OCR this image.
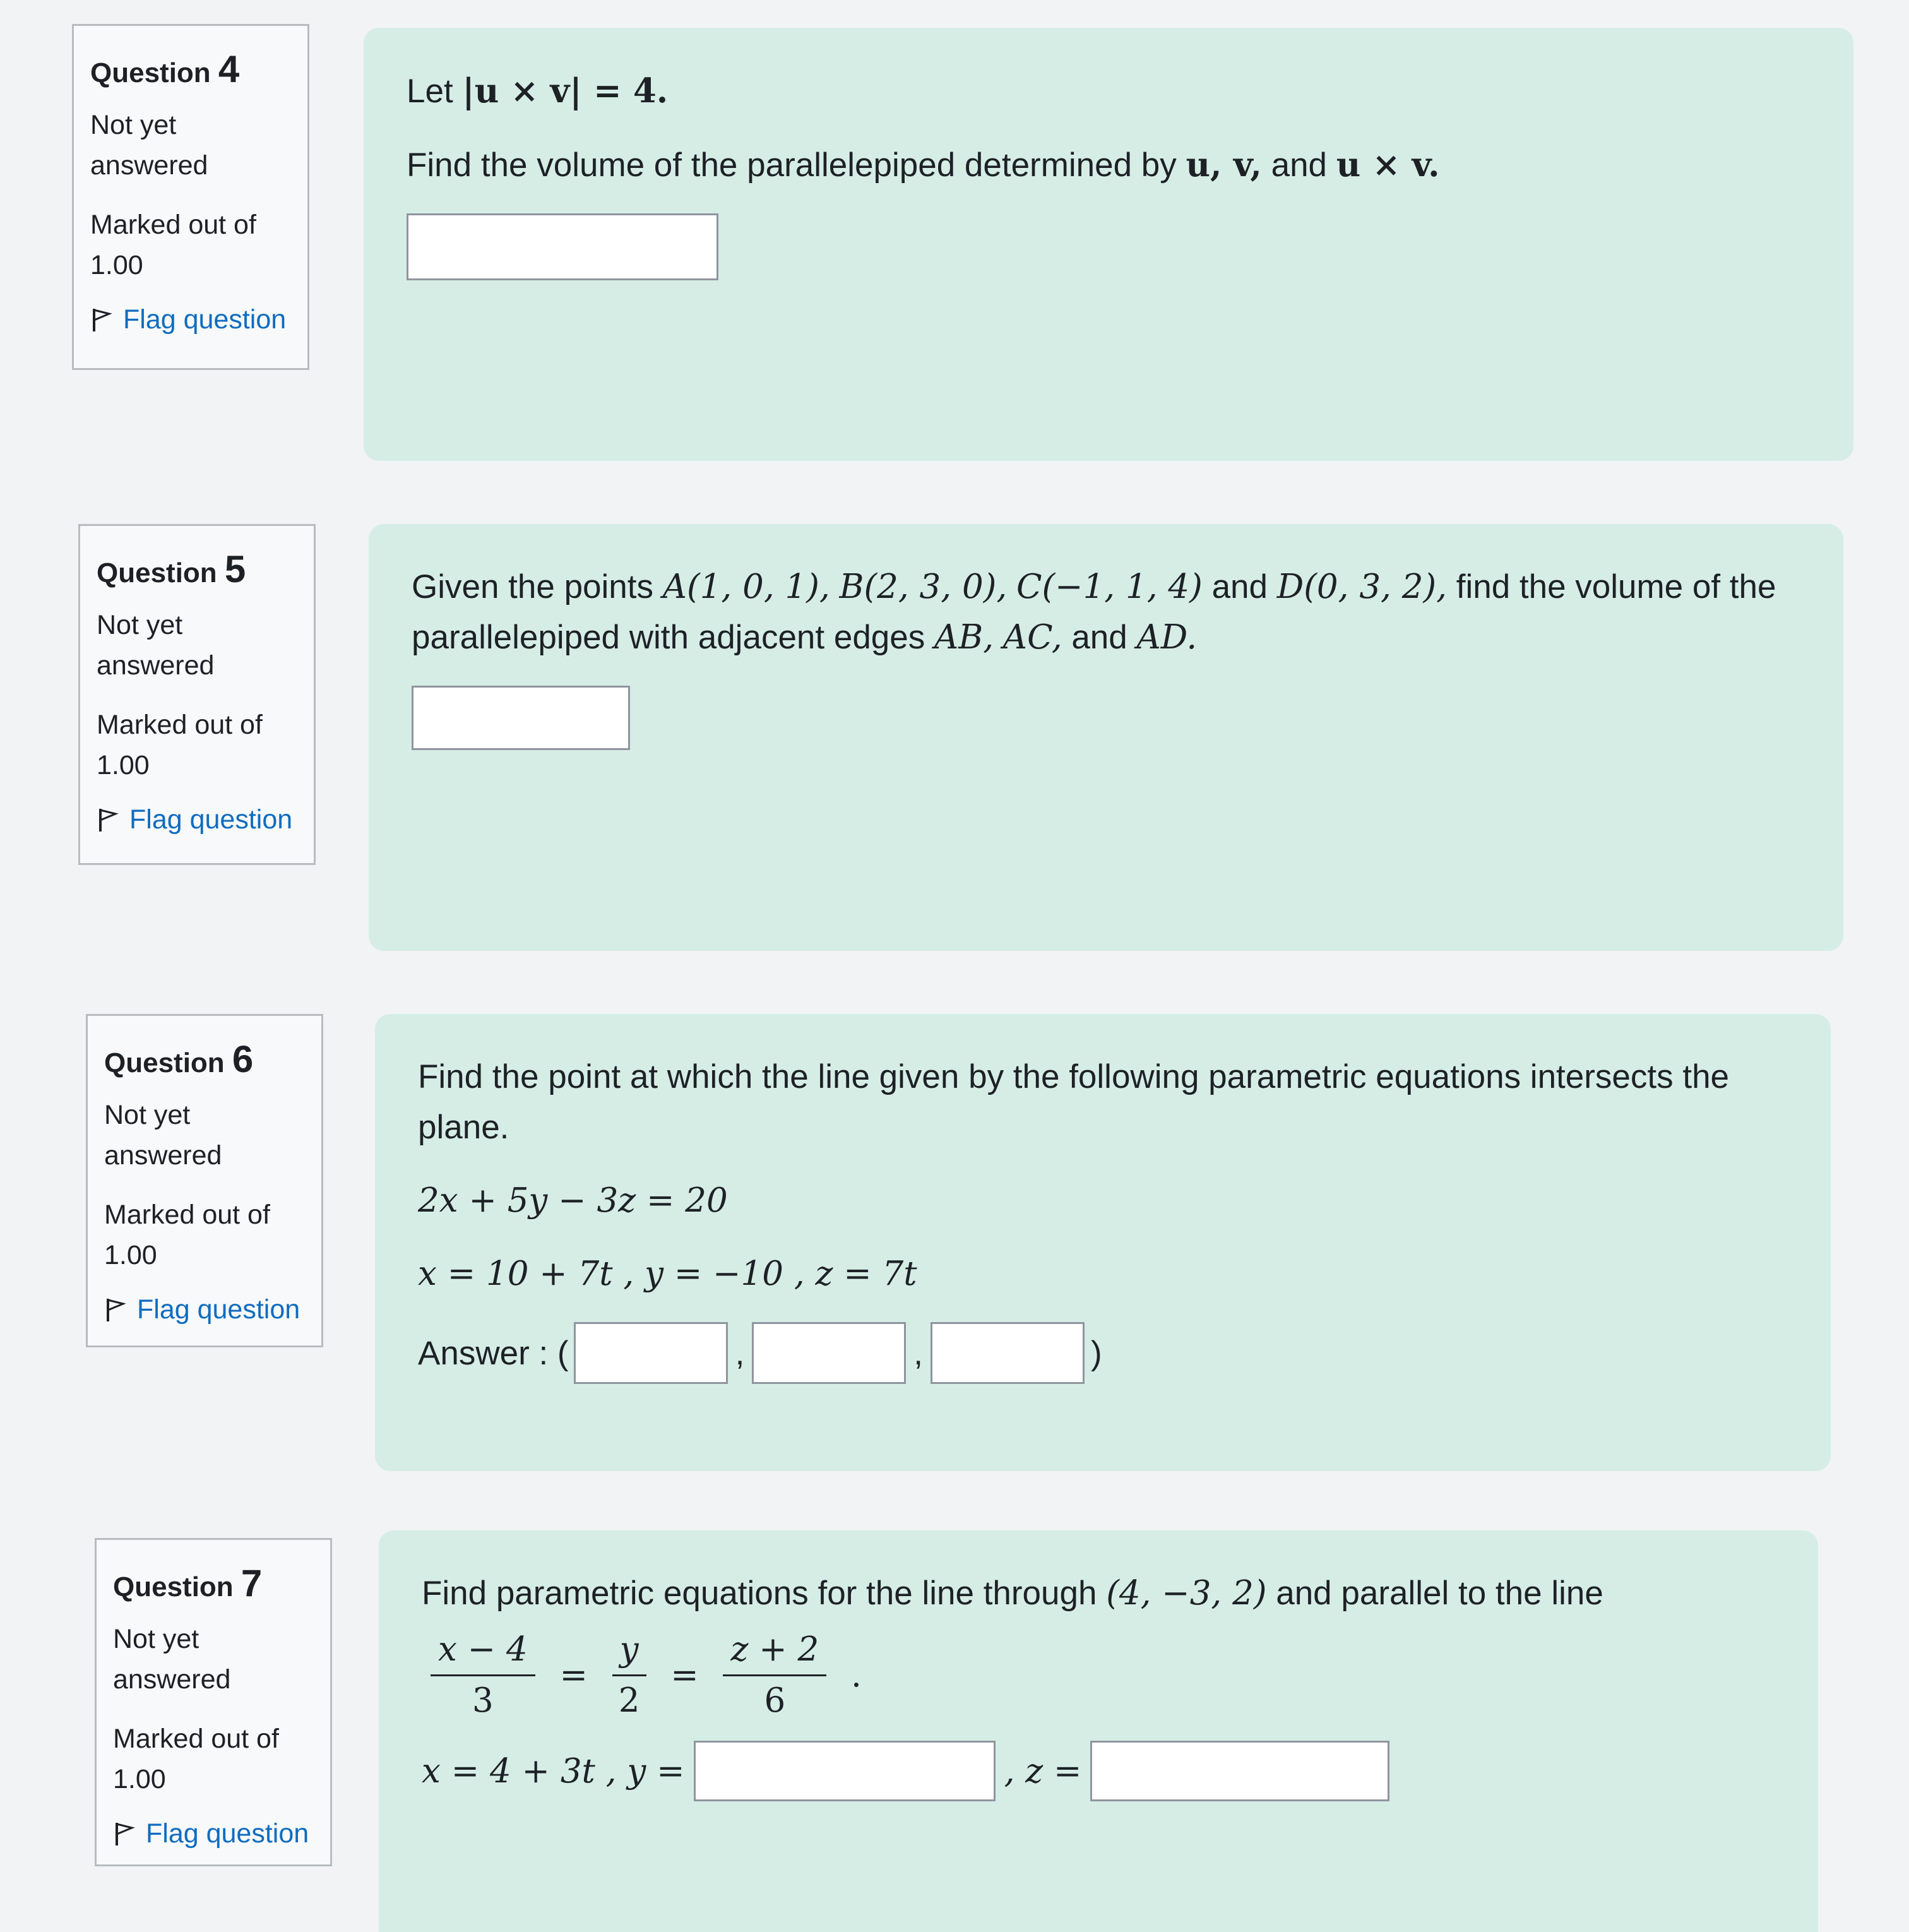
Question 4
Not yet
answered
Marked out of
1.00
Flag question

Let |u × v| = 4.

Find the volume of the parallelepiped determined by u, v, and u × v.

Question 5
Not yet
answered
Marked out of
1.00
Flag question

Given the points A(1, 0, 1), B(2, 3, 0), C(−1, 1, 4) and D(0, 3, 2), find the volume of the parallelepiped with adjacent edges AB, AC, and AD.

Question 6
Not yet
answered
Marked out of
1.00
Flag question

Find the point at which the line given by the following parametric equations intersects the plane.

2x + 5y − 3z = 20

x = 10 + 7t , y = −10 , z = 7t

Answer : (	,	,	)
Question 7
Not yet
answered
Marked out of
1.00
Flag question

Find parametric equations for the line through (4, −3, 2) and parallel to the line

$\frac{x - 4}{3} = \frac{y}{2} = \frac{z + 2}{6}$ .
x = 4 + 3t , y =	, z =
